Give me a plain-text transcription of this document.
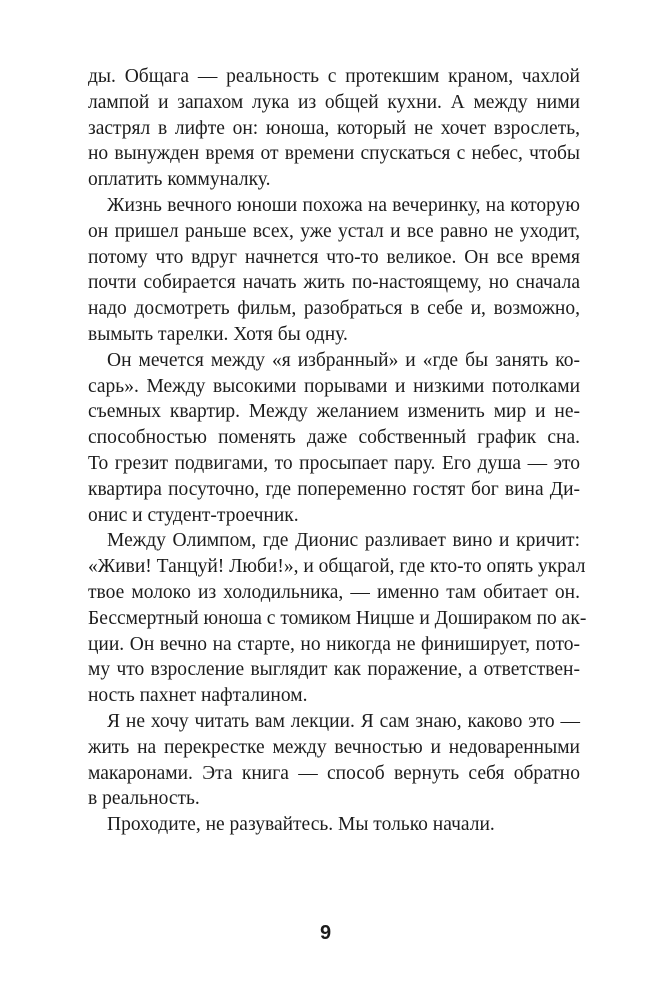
ды. Общага — реальность с протекшим краном, чахлой
лампой и запахом лука из общей кухни. А между ними
застрял в лифте он: юноша, который не хочет взрослеть,
но вынужден время от времени спускаться с небес, чтобы
оплатить коммуналку.
Жизнь вечного юноши похожа на вечеринку, на которую
он пришел раньше всех, уже устал и все равно не уходит,
потому что вдруг начнется что-то великое. Он все время
почти собирается начать жить по-настоящему, но сначала
надо досмотреть фильм, разобраться в себе и, возможно,
вымыть тарелки. Хотя бы одну.
Он мечется между «я избранный» и «где бы занять ко-
сарь». Между высокими порывами и низкими потолками
съемных квартир. Между желанием изменить мир и не-
способностью поменять даже собственный график сна.
То грезит подвигами, то просыпает пару. Его душа — это
квартира посуточно, где попеременно гостят бог вина Ди-
онис и студент-троечник.
Между Олимпом, где Дионис разливает вино и кричит:
«Живи! Танцуй! Люби!», и общагой, где кто-то опять украл
твое молоко из холодильника, — именно там обитает он.
Бессмертный юноша с томиком Ницше и Дошираком по ак-
ции. Он вечно на старте, но никогда не финиширует, пото-
му что взросление выглядит как поражение, а ответствен-
ность пахнет нафталином.
Я не хочу читать вам лекции. Я сам знаю, каково это —
жить на перекрестке между вечностью и недоваренными
макаронами. Эта книга — способ вернуть себя обратно
в реальность.
Проходите, не разувайтесь. Мы только начали.
9
